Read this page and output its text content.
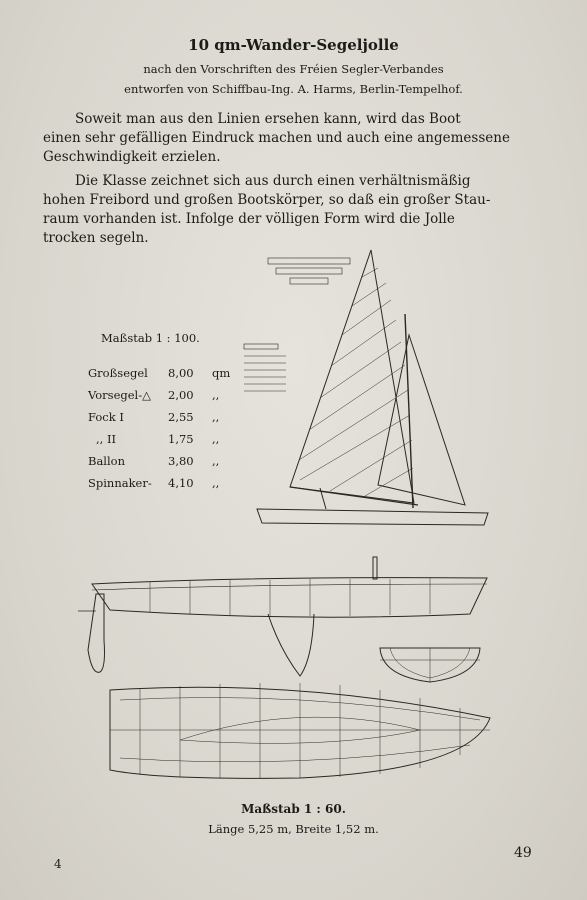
10 qm-Wander-Segeljolle
nach den Vorschriften des Fréien Segler-Verbandes
entworfen von Schiffbau-Ing. A. Harms, Berlin-Tempelhof.
Soweit man aus den Linien ersehen kann, wird das Boot
einen sehr gefälligen Eindruck machen und auch eine angemessene
Geschwindigkeit erzielen.
Die Klasse zeichnet sich aus durch einen verhältnismäßig
hohen Freibord und großen Bootskörper, so daß ein großer Stau-
raum vorhanden ist. Infolge der völligen Form wird die Jolle
trocken segeln.
Maßstab 1 : 100.
Großsegel	8,00	qm
Vorsegel-△	2,00	,,
Fock I	2,55	,,
,, II	1,75	,,
Ballon	3,80	,,
Spinnaker-	4,10	,,
Maßstab 1 : 60.
Länge 5,25 m, Breite 1,52 m.
4
49
